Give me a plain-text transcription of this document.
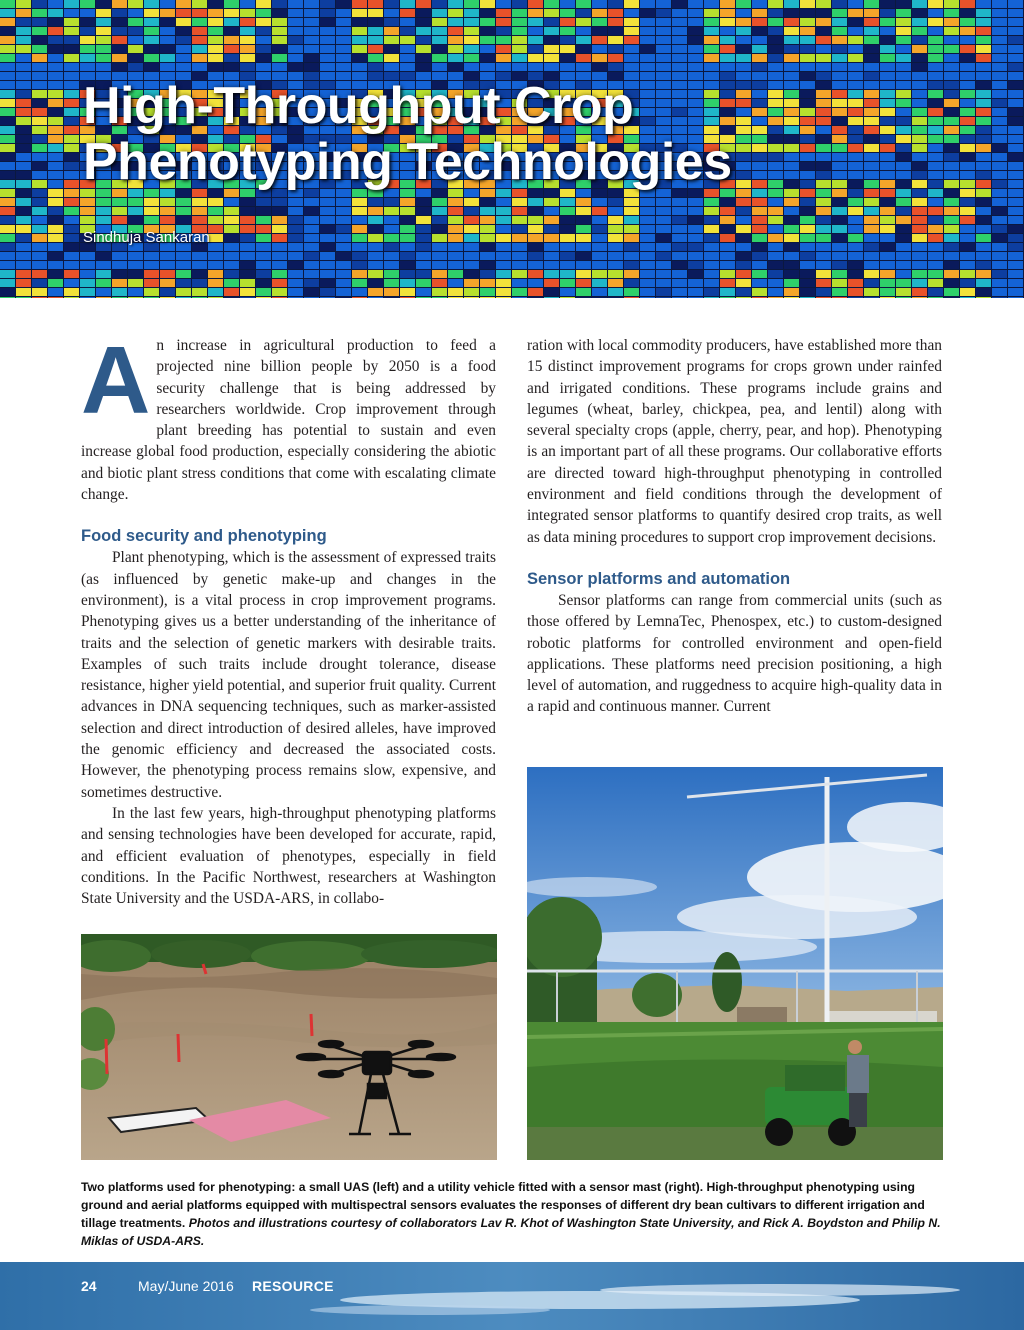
High-Throughput Crop
Phenotyping Technologies
Sindhuja Sankaran

An increase in agricultural production to feed a projected nine billion people by 2050 is a food security challenge that is being addressed by researchers worldwide. Crop improvement through plant breeding has potential to sustain and even increase global food production, especially considering the abiotic and biotic plant stress conditions that come with escalating climate change.

Food security and phenotyping

Plant phenotyping, which is the assessment of expressed traits (as influenced by genetic make-up and changes in the environment), is a vital process in crop improvement programs. Phenotyping gives us a better understanding of the inheritance of traits and the selection of genetic markers with desirable traits. Examples of such traits include drought tolerance, disease resistance, higher yield potential, and superior fruit quality. Current advances in DNA sequencing techniques, such as marker-assisted selection and direct introduction of desired alleles, have improved the genomic efficiency and decreased the associated costs. However, the phenotyping process remains slow, expensive, and sometimes destructive.

In the last few years, high-throughput phenotyping platforms and sensing technologies have been developed for accurate, rapid, and efficient evaluation of phenotypes, especially in field conditions. In the Pacific Northwest, researchers at Washington State University and the USDA-ARS, in collabo-

ration with local commodity producers, have established more than 15 distinct improvement programs for crops grown under rainfed and irrigated conditions. These programs include grains and legumes (wheat, barley, chickpea, pea, and lentil) along with several specialty crops (apple, cherry, pear, and hop). Phenotyping is an important part of all these programs. Our collaborative efforts are directed toward high-throughput phenotyping in controlled environment and field conditions through the development of integrated sensor platforms to quantify desired crop traits, as well as data mining procedures to support crop improvement decisions.

Sensor platforms and automation

Sensor platforms can range from commercial units (such as those offered by LemnaTec, Phenospex, etc.) to custom-designed robotic platforms for controlled environment and open-field applications. These platforms need precision positioning, a high level of automation, and ruggedness to acquire high-quality data in a rapid and continuous manner. Current

Two platforms used for phenotyping: a small UAS (left) and a utility vehicle fitted with a sensor mast (right). High-throughput phenotyping using ground and aerial platforms equipped with multispectral sensors evaluates the responses of different dry bean cultivars to different irrigation and tillage treatments. Photos and illustrations courtesy of collaborators Lav R. Khot of Washington State University, and Rick A. Boydston and Philip N. Miklas of USDA-ARS.
24	May/June 2016 RESOURCE
